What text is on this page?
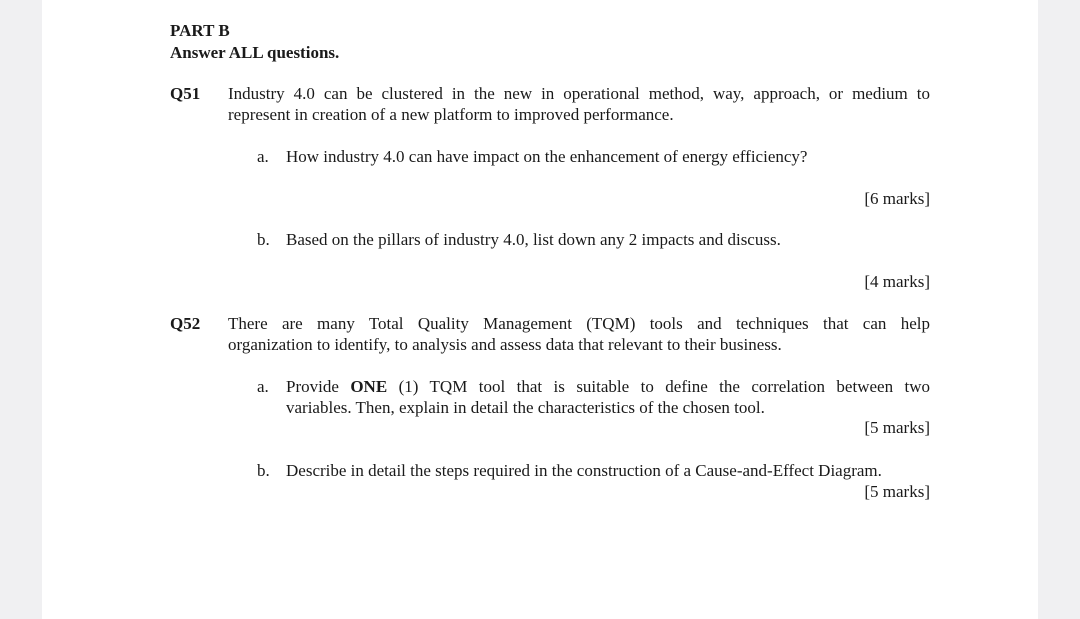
PART B
Answer ALL questions.
Q51 Industry 4.0 can be clustered in the new in operational method, way, approach, or medium to
represent in creation of a new platform to improved performance.
a. How industry 4.0 can have impact on the enhancement of energy efficiency?
[6 marks]
b. Based on the pillars of industry 4.0, list down any 2 impacts and discuss.
[4 marks]
Q52 There are many Total Quality Management (TQM) tools and techniques that can help
organization to identify, to analysis and assess data that relevant to their business.
a. Provide ONE (1) TQM tool that is suitable to define the correlation between two
variables. Then, explain in detail the characteristics of the chosen tool.
[5 marks]
b. Describe in detail the steps required in the construction of a Cause-and-Effect Diagram.
[5 marks]
